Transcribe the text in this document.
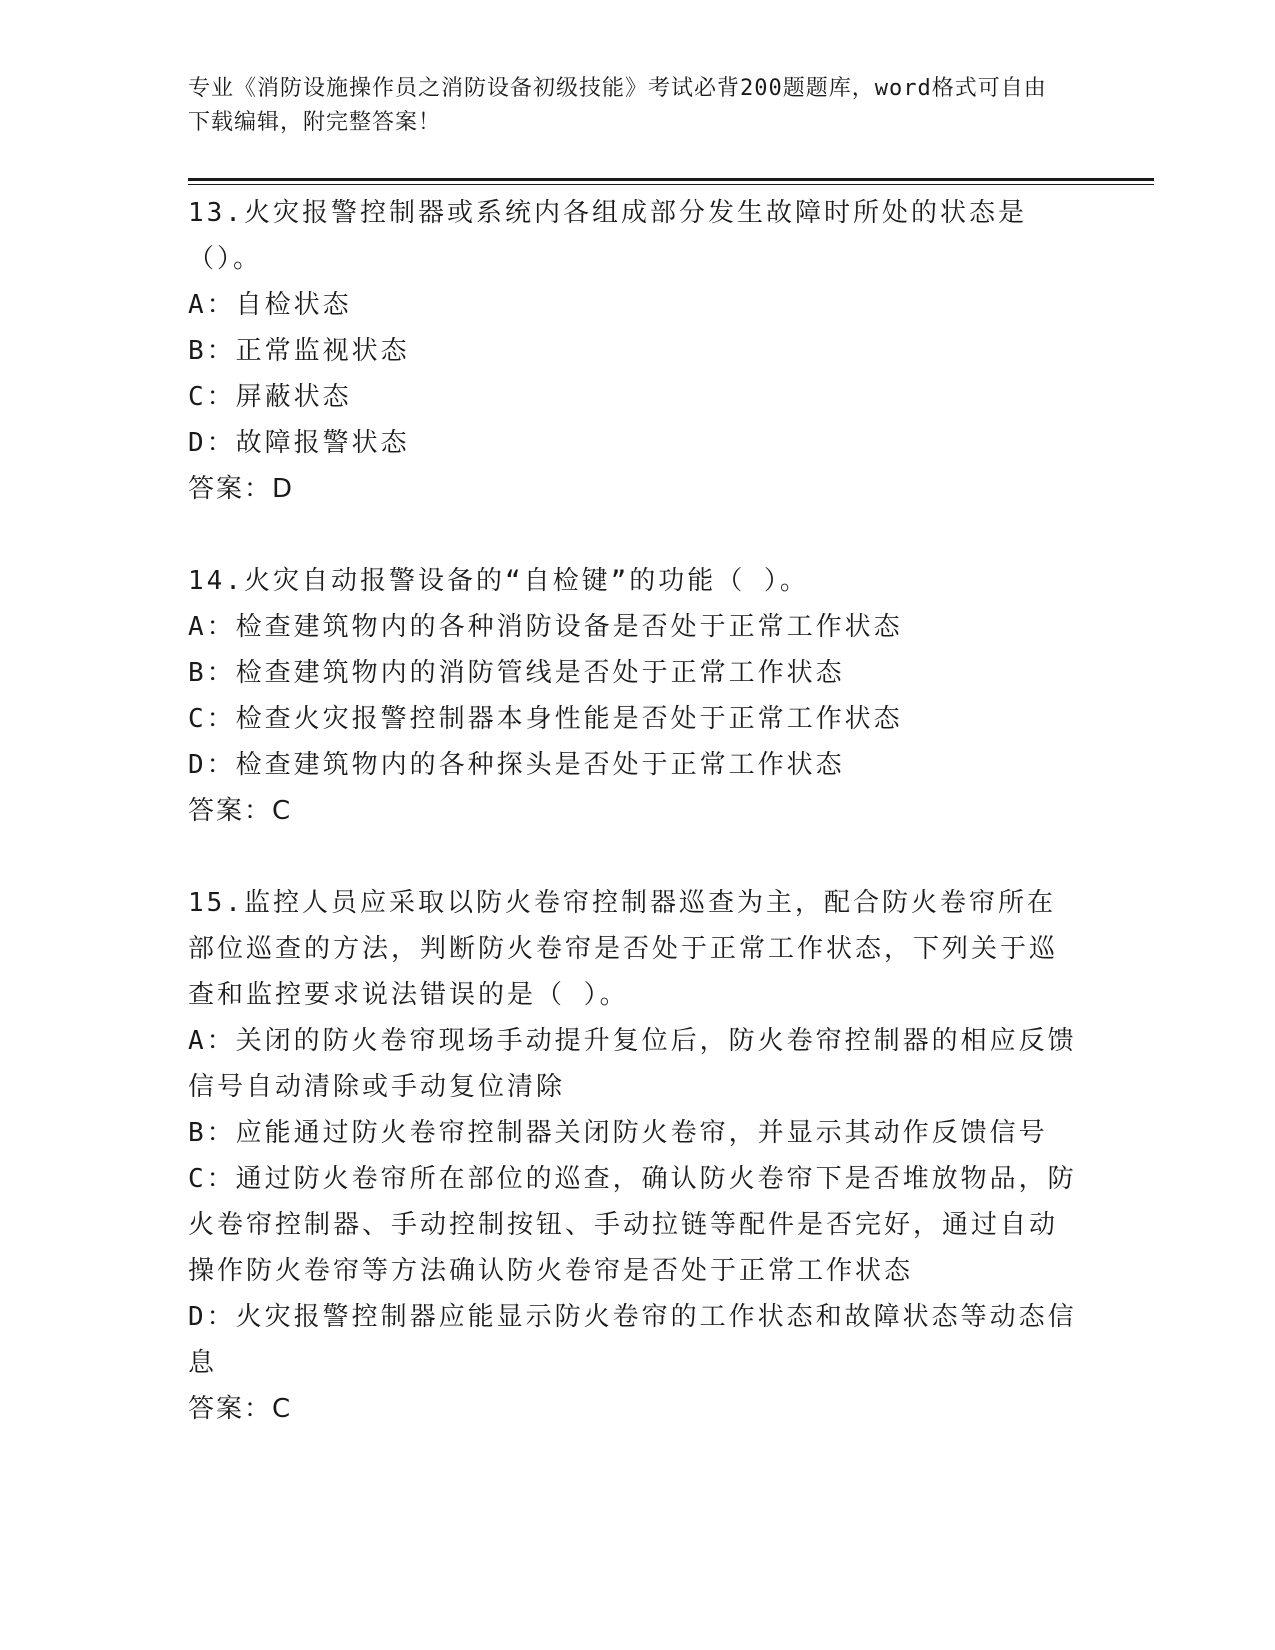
专业《消防设施操作员之消防设备初级技能》考试必背200题题库，word格式可自由下载编辑，附完整答案！

13.火灾报警控制器或系统内各组成部分发生故障时所处的状态是（）。

A：自检状态

B：正常监视状态

C：屏蔽状态

D：故障报警状态

答案：D

14.火灾自动报警设备的“自检键”的功能（ ）。

A：检查建筑物内的各种消防设备是否处于正常工作状态

B：检查建筑物内的消防管线是否处于正常工作状态

C：检查火灾报警控制器本身性能是否处于正常工作状态

D：检查建筑物内的各种探头是否处于正常工作状态

答案：C

15.监控人员应采取以防火卷帘控制器巡查为主，配合防火卷帘所在部位巡查的方法，判断防火卷帘是否处于正常工作状态，下列关于巡查和监控要求说法错误的是（ ）。

A：关闭的防火卷帘现场手动提升复位后，防火卷帘控制器的相应反馈信号自动清除或手动复位清除

B：应能通过防火卷帘控制器关闭防火卷帘，并显示其动作反馈信号

C：通过防火卷帘所在部位的巡查，确认防火卷帘下是否堆放物品，防火卷帘控制器、手动控制按钮、手动拉链等配件是否完好，通过自动操作防火卷帘等方法确认防火卷帘是否处于正常工作状态

D：火灾报警控制器应能显示防火卷帘的工作状态和故障状态等动态信息

答案：C
